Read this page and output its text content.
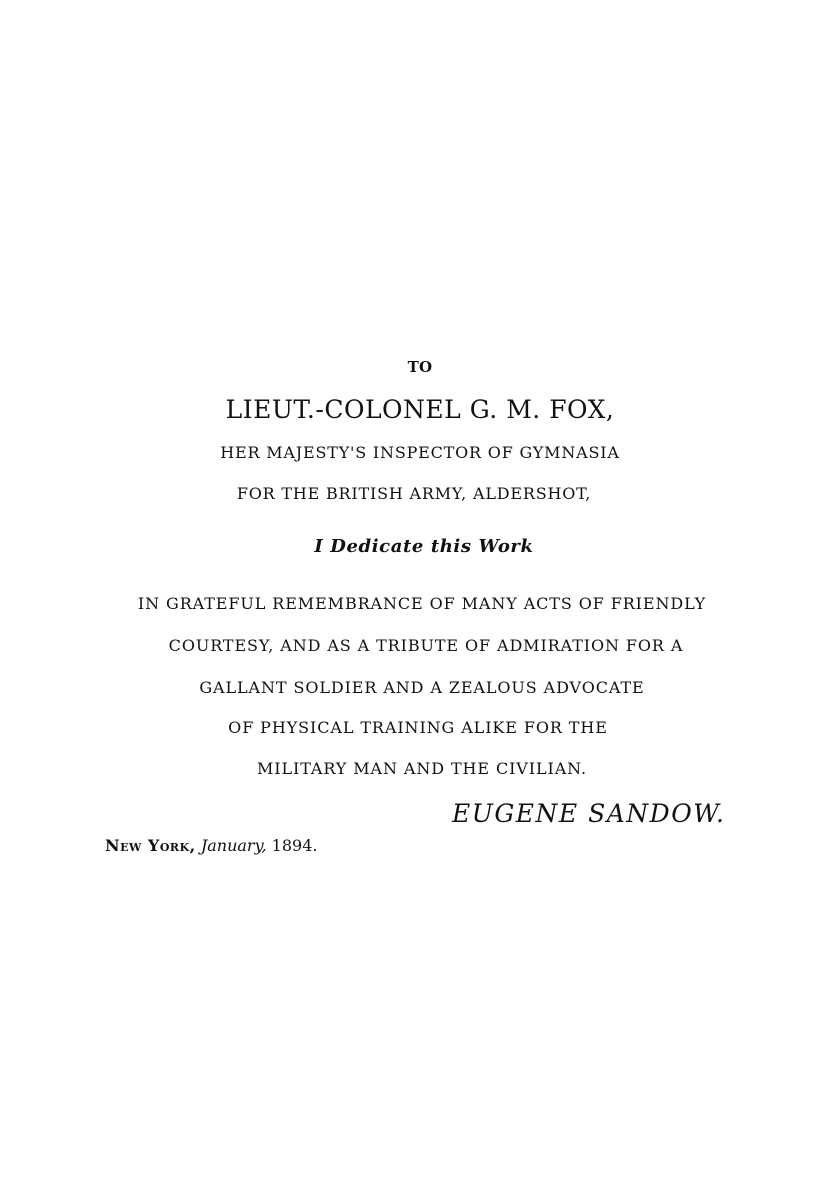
TO
LIEUT.-COLONEL G. M. FOX,
HER MAJESTY'S INSPECTOR OF GYMNASIA
FOR THE BRITISH ARMY, ALDERSHOT,
I Dedicate this Work
IN GRATEFUL REMEMBRANCE OF MANY ACTS OF FRIENDLY
COURTESY, AND AS A TRIBUTE OF ADMIRATION FOR A
GALLANT SOLDIER AND A ZEALOUS ADVOCATE
OF PHYSICAL TRAINING ALIKE FOR THE
MILITARY MAN AND THE CIVILIAN.
EUGENE SANDOW.
New York, January, 1894.
